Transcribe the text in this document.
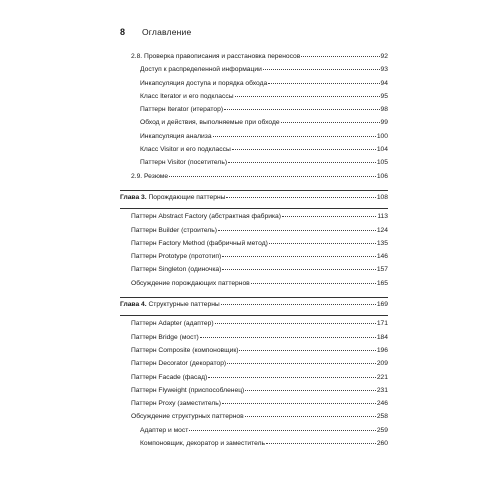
8	Оглавление
2.8. Проверка правописания и расстановка переносов	92
Доступ к распределенной информации	93
Инкапсуляция доступа и порядка обхода	94
Класс Iterator и его подклассы	95
Паттерн Iterator (итератор)	98
Обход и действия, выполняемые при обходе	99
Инкапсуляция анализа	100
Класс Visitor и его подклассы	104
Паттерн Visitor (посетитель)	105
2.9. Резюме	106
Глава 3. Порождающие паттерны	108
Паттерн Abstract Factory (абстрактная фабрика)	113
Паттерн Builder (строитель)	124
Паттерн Factory Method (фабричный метод)	135
Паттерн Prototype (прототип)	146
Паттерн Singleton (одиночка)	157
Обсуждение порождающих паттернов	165
Глава 4. Структурные паттерны	169
Паттерн Adapter (адаптер)	171
Паттерн Bridge (мост)	184
Паттерн Composite (компоновщик)	196
Паттерн Decorator (декоратор)	209
Паттерн Facade (фасад)	221
Паттерн Flyweight (приспособленец)	231
Паттерн Proxy (заместитель)	246
Обсуждение структурных паттернов	258
Адаптер и мост	259
Компоновщик, декоратор и заместитель	260
